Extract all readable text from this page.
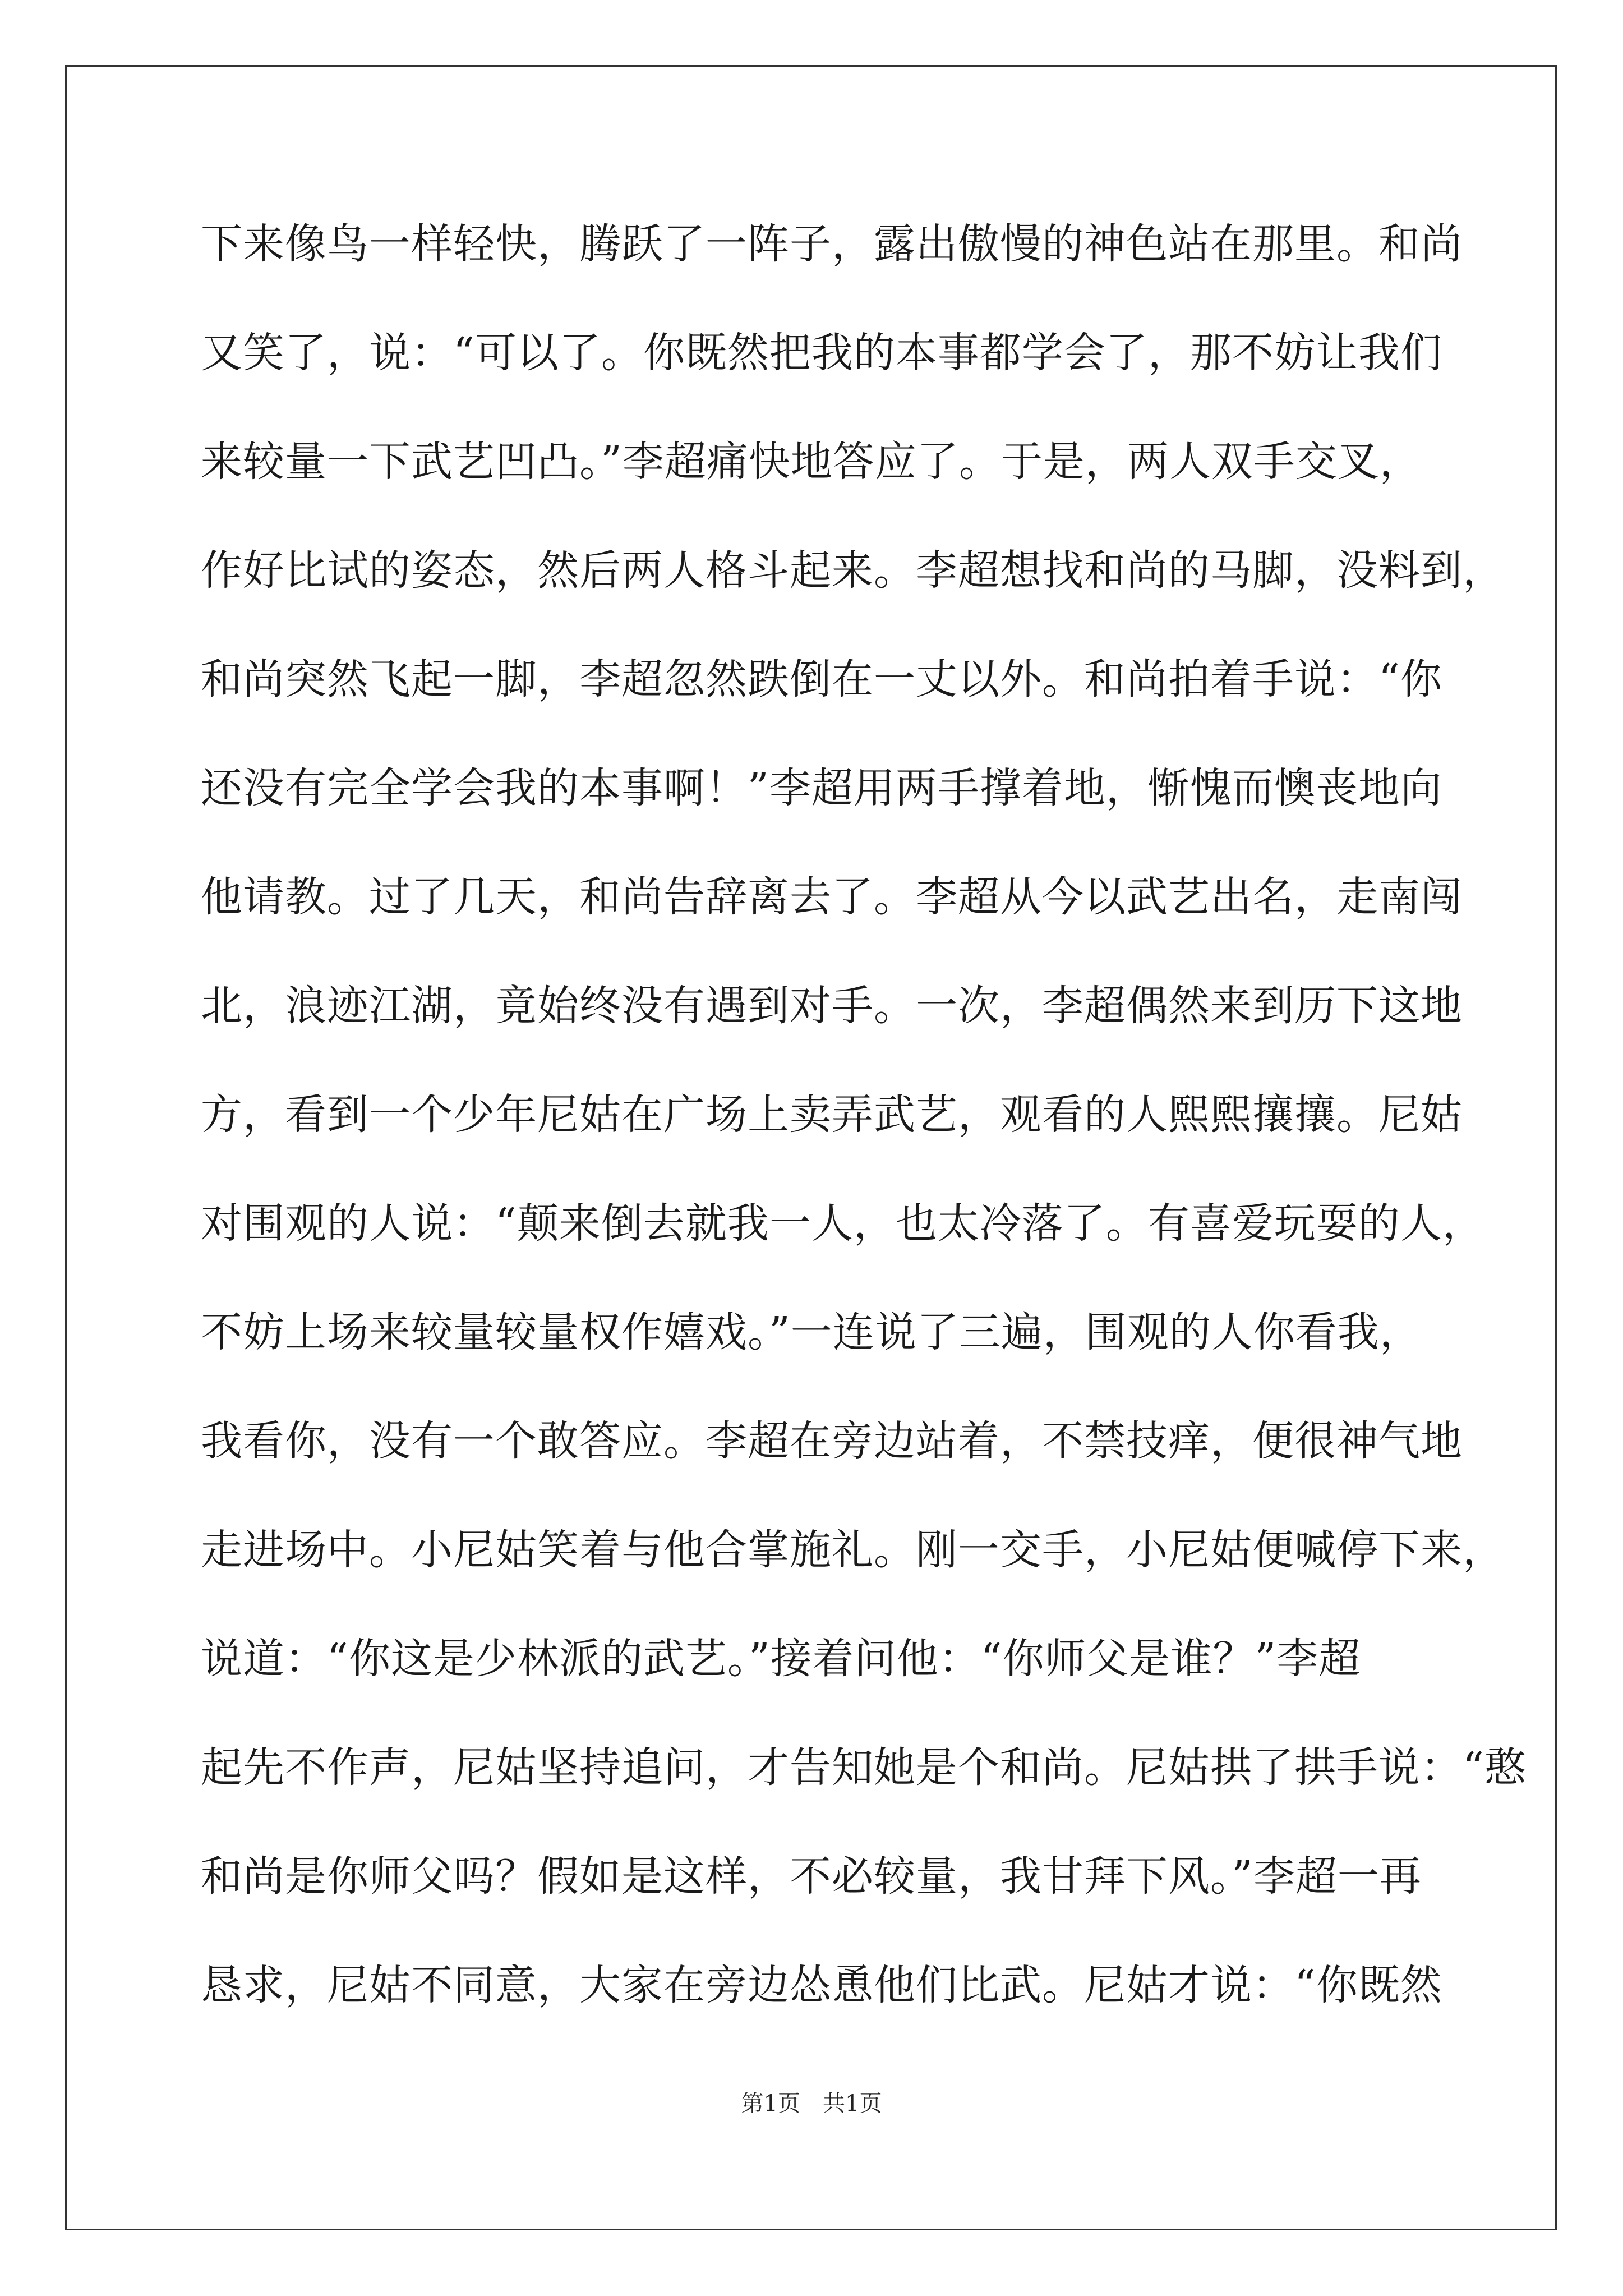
下来像鸟一样轻快，腾跃了一阵子，露出傲慢的神色站在那里。和尚
又笑了，说：“可以了。你既然把我的本事都学会了，那不妨让我们
来较量一下武艺凹凸。”李超痛快地答应了。于是，两人双手交叉，
作好比试的姿态，然后两人格斗起来。李超想找和尚的马脚，没料到，
和尚突然飞起一脚，李超忽然跌倒在一丈以外。和尚拍着手说：“你
还没有完全学会我的本事啊！”李超用两手撑着地，惭愧而懊丧地向
他请教。过了几天，和尚告辞离去了。李超从今以武艺出名，走南闯
北，浪迹江湖，竟始终没有遇到对手。一次，李超偶然来到历下这地
方，看到一个少年尼姑在广场上卖弄武艺，观看的人熙熙攘攘。尼姑
对围观的人说：“颠来倒去就我一人，也太冷落了。有喜爱玩耍的人，
不妨上场来较量较量权作嬉戏。”一连说了三遍，围观的人你看我，
我看你，没有一个敢答应。李超在旁边站着，不禁技痒，便很神气地
走进场中。小尼姑笑着与他合掌施礼。刚一交手，小尼姑便喊停下来，
说道：“你这是少林派的武艺。”接着问他：“你师父是谁？”李超
起先不作声，尼姑坚持追问，才告知她是个和尚。尼姑拱了拱手说：“憨
和尚是你师父吗？假如是这样，不必较量，我甘拜下风。”李超一再
恳求，尼姑不同意，大家在旁边怂恿他们比武。尼姑才说：“你既然
第1页　共1页
